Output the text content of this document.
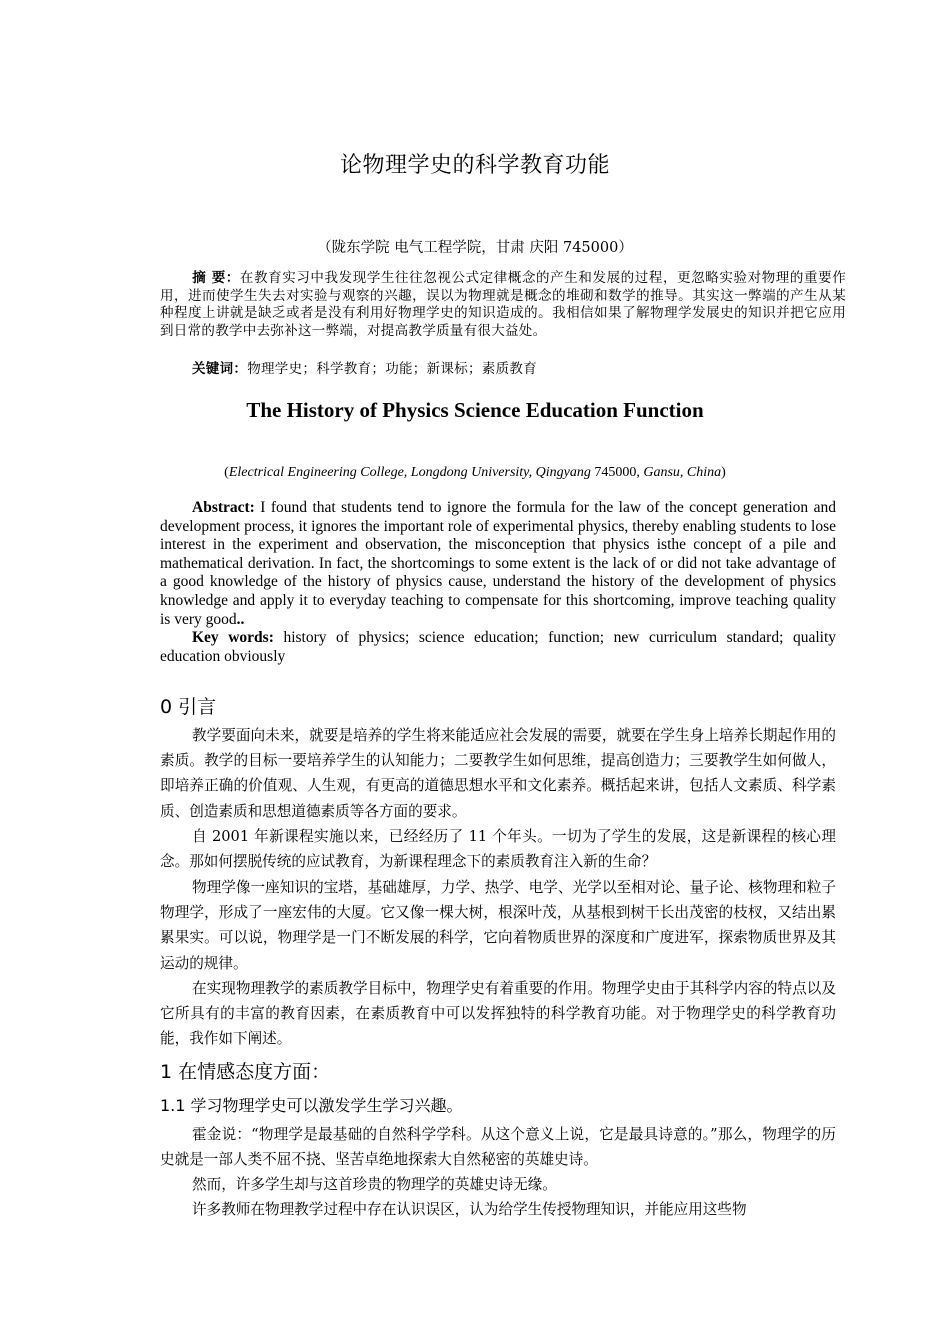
论物理学史的科学教育功能
（陇东学院 电气工程学院，甘肃 庆阳 745000）
摘 要：在教育实习中我发现学生往往忽视公式定律概念的产生和发展的过程，更忽略实验对物理的重要作用，进而使学生失去对实验与观察的兴趣，误以为物理就是概念的堆砌和数学的推导。其实这一弊端的产生从某种程度上讲就是缺乏或者是没有利用好物理学史的知识造成的。我相信如果了解物理学发展史的知识并把它应用到日常的教学中去弥补这一弊端，对提高教学质量有很大益处。
关键词：物理学史；科学教育；功能；新课标；素质教育
The History of Physics Science Education Function
(Electrical Engineering College, Longdong University, Qingyang 745000, Gansu, China)
Abstract: I found that students tend to ignore the formula for the law of the concept generation and development process, it ignores the important role of experimental physics, thereby enabling students to lose interest in the experiment and observation, the misconception that physics isthe concept of a pile and mathematical derivation. In fact, the shortcomings to some extent is the lack of or did not take advantage of a good knowledge of the history of physics cause, understand the history of the development of physics knowledge and apply it to everyday teaching to compensate for this shortcoming, improve teaching quality is very good..
Key words: history of physics; science education; function; new curriculum standard; quality education obviously
0 引言

教学要面向未来，就要是培养的学生将来能适应社会发展的需要，就要在学生身上培养长期起作用的素质。教学的目标一要培养学生的认知能力；二要教学生如何思维，提高创造力；三要教学生如何做人，即培养正确的价值观、人生观，有更高的道德思想水平和文化素养。概括起来讲，包括人文素质、科学素质、创造素质和思想道德素质等各方面的要求。

自 2001 年新课程实施以来，已经经历了 11 个年头。一切为了学生的发展，这是新课程的核心理念。那如何摆脱传统的应试教育，为新课程理念下的素质教育注入新的生命？

物理学像一座知识的宝塔，基础雄厚，力学、热学、电学、光学以至相对论、量子论、核物理和粒子物理学，形成了一座宏伟的大厦。它又像一棵大树，根深叶茂，从基根到树干长出茂密的枝杈，又结出累累果实。可以说，物理学是一门不断发展的科学，它向着物质世界的深度和广度进军，探索物质世界及其运动的规律。

在实现物理教学的素质教学目标中，物理学史有着重要的作用。物理学史由于其科学内容的特点以及它所具有的丰富的教育因素，在素质教育中可以发挥独特的科学教育功能。对于物理学史的科学教育功能，我作如下阐述。

1 在情感态度方面：
1.1 学习物理学史可以激发学生学习兴趣。

霍金说：“物理学是最基础的自然科学学科。从这个意义上说，它是最具诗意的。”那么，物理学的历史就是一部人类不屈不挠、坚苦卓绝地探索大自然秘密的英雄史诗。

然而，许多学生却与这首珍贵的物理学的英雄史诗无缘。

许多教师在物理教学过程中存在认识误区，认为给学生传授物理知识，并能应用这些物
